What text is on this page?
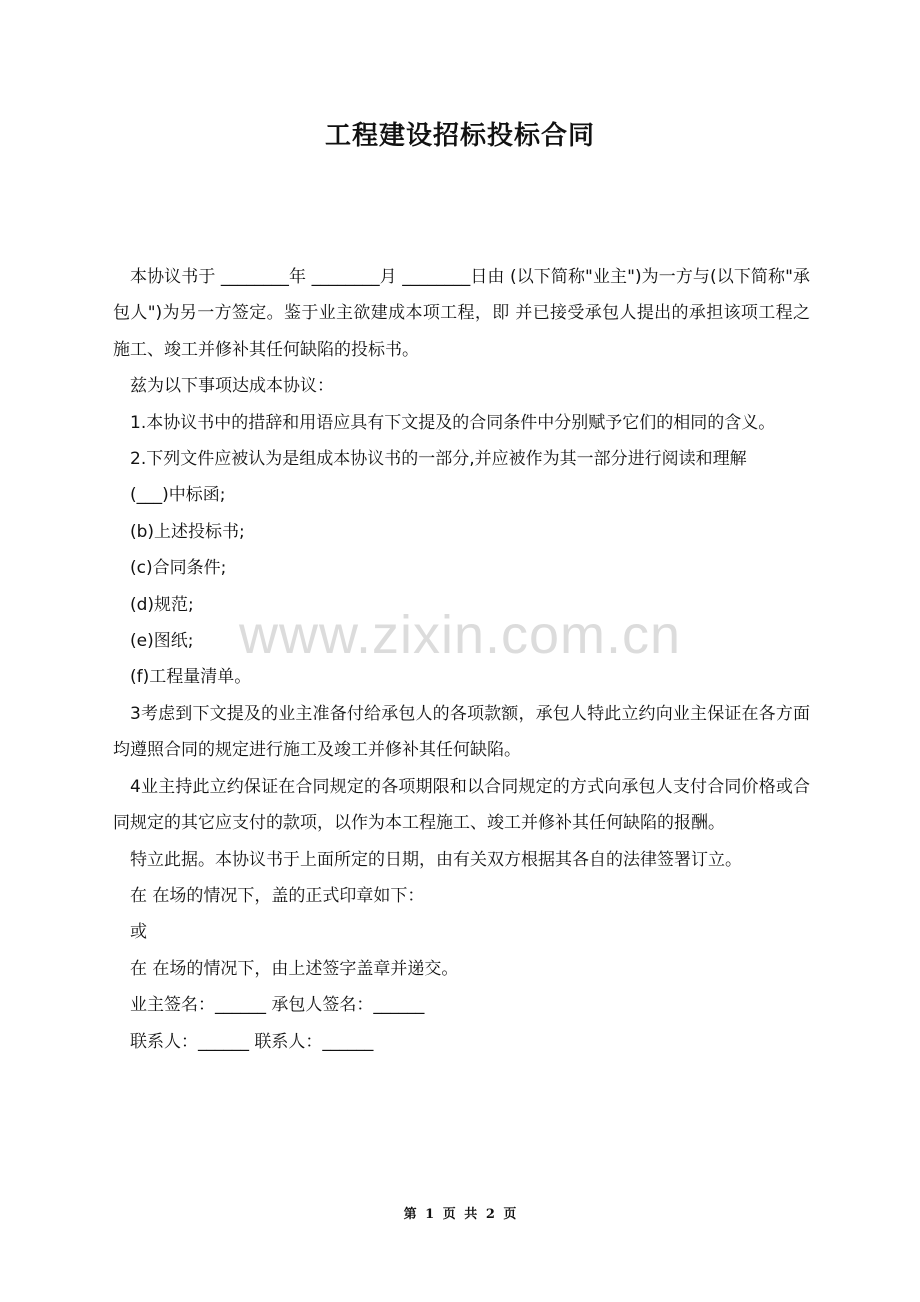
工程建设招标投标合同

本协议书于 ________年 ________月 ________日由 (以下简称"业主")为一方与(以下简称"承包人")为另一方签定。鉴于业主欲建成本项工程，即 并已接受承包人提出的承担该项工程之施工、竣工并修补其任何缺陷的投标书。

兹为以下事项达成本协议：

1.本协议书中的措辞和用语应具有下文提及的合同条件中分别赋予它们的相同的含义。

2.下列文件应被认为是组成本协议书的一部分,并应被作为其一部分进行阅读和理解

(___)中标函;

(b)上述投标书;

(c)合同条件;

(d)规范;

(e)图纸;

(f)工程量清单。

3考虑到下文提及的业主准备付给承包人的各项款额，承包人特此立约向业主保证在各方面均遵照合同的规定进行施工及竣工并修补其任何缺陷。

4业主持此立约保证在合同规定的各项期限和以合同规定的方式向承包人支付合同价格或合同规定的其它应支付的款项，以作为本工程施工、竣工并修补其任何缺陷的报酬。

特立此据。本协议书于上面所定的日期，由有关双方根据其各自的法律签署订立。

在 在场的情况下，盖的正式印章如下：

或

在 在场的情况下，由上述签字盖章并递交。

业主签名：______ 承包人签名：______

联系人：______ 联系人：______

www.zixin.com.cn
第 1 页 共 2 页
